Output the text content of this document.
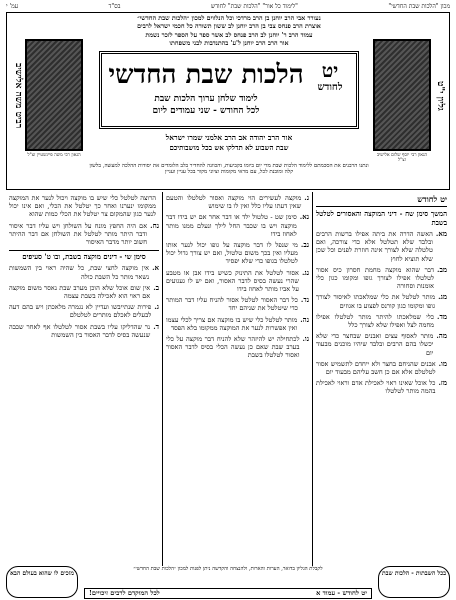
מכון "הלכות שבת החדשי"
"לימוד כל אור" "הלכות שבת" לחודש
בס"ד
עמ' י
נעורר אבי הרב יוחנן בן הרב מרדכי וכל הנלווים למכון ״הלכות שבת החדשי״
אוצרת הרב פנחס צבי בן הרב יוחנן לב ששון תשורה כל חכמי ישראל לרבים
עמוד הרב ר' יוחנן לב הרב פנחס לב אשר ספר על הספר לזכר נשמת
אור הרב הרב יוחנן ל'ע' בהתנדבות לבני משפחתו
גליון י"ט
הגאון רבי יוסף שלום אלישיב זצ"ל
רביט משה אלישיב
הגאון רבי משה פיינשטיין זצ"ל
יט
לחודש
הלכות שבת החדשי
לימוד שלחן ערוך הלכות שבת
לכל החודש - שני עמודים ליום
אור הרב יהודה אב הרב אלמני שמרו ישראל
שבת השבוע לא תדלקו אש בכל מושבותיכם
ונתנו הרבנים את הסכמתם ללימוד הלכות שבת מדי יום ביומו בקביעות, והכוונה להחדיר בלב הלומדים את יסודות ההלכה למעשה, בלשון קלה ומובנת לכל, עם מראי מקומות וציוני מקור בכל עניין ועניין
יט לחודש
המשך סימן שח - דיני המוקצה והאסורים לטלטל בשבת
מא.
האשה הדרה את ביתה אפילו ברשות הרבים ובלבד שלא תטלטל אלא כדי צורכה, ואם טלטלה שלא לצורך אינה חוזרת לפנים וכל שכן שלא תוציא לחוץ
מב.
דבר שהוא מוקצה מחמת חסרון כיס אסור לטלטלו אפילו לצורך גופו ומקומו כגון כלי אומנות וסחורה
מג.
מותר לטלטל את כלי שמלאכתו לאיסור לצורך גופו ומקומו כגון קורנס לפצוע בו אגוזים
מד.
כלי שמלאכתו להיתר מותר לטלטלו אפילו מחמה לצל ואפילו שלא לצורך כלל
מה.
מותר לאסוף עצים ואבנים שבחצר כדי שלא יכשלו בהם הרבים ובלבד שיהיו מוכנים מבעוד יום
מו.
אבנים שהניחם בחצר ולא ייחדם לתשמיש אסור לטלטלם אלא אם כן חשב עליהם מבעוד יום
מז.
כל אוכל שאינו ראוי לאכילת אדם וראוי לאכילת בהמה מותר לטלטלו
נ.
מוקצה לעשירים הוי מוקצה ואסור לטלטלו והטעם שאין דעתו עליו כלל ואין לו בו שימוש
נא.
סימן שט - טלטול ילד או דבר אחר אם יש בידו דבר מוקצה ויש בו שכבר החל לילך ונעלם ממנו מותר לאחוז בידו
נב.
מי שנפל לו דבר מוקצה על גופו יכול לנער אותו מעליו ואין בכך משום טלטול, ואם יש צורך גדול יכול לטלטלו בגופו כדי שלא יפסיד
נג.
אסור לטלטל את התינוק כשיש בידו אבן או מטבע שהרי נעשה בסיס לדבר האסור, ואם יש לו געגועים על אביו מותר לאחוז בידו
נד.
כל דבר האסור לטלטל אסור להניח עליו דבר המותר כדי שיטלטל את שניהם יחד
נה.
מותר לטלטל כלי שיש בו מוקצה אם צריך לכלי עצמו ואין אפשרות לנער את המוקצה ממקומו בלא הפסד
נו.
לכתחילה יש להיזהר שלא להניח דבר מוקצה על כלי בערב שבת שאם כן נעשה הכלי בסיס לדבר האסור ואסור לטלטלו בשבת
הרוצה לטלטל כלי שיש בו מוקצה ויכול לנער את המוקצה ממקומו ינערנו ואחר כך יטלטל את הכלי, ואם אינו יכול לנער כגון שהמקום צר יטלטל את הכלי כמות שהוא
נח.
אם היה החפץ מונח על השולחן ויש עליו דבר איסור ודבר היתר מותר לטלטל את השולחן אם דבר ההיתר חשוב יותר מדבר האיסור
סימן שי - דינים מוקצה בשבת, ובו ט' סעיפים
א.
אין מוקצה לחצי שבת, כל שהיה ראוי בין השמשות נשאר מותר כל השבת כולה
ב.
אין שום אוכל שלא הוכן מערב שבת נאסר משום מוקצה אם ראוי הוא לאכילה בשבת עצמה
ג.
פירות שנתייבשו ועדיין לא נגמרה מלאכתן ויש בהם דעה לבעלים לאכלם מותרים לטלטלם
ד.
נר שהדליקו עליו בשבת אסור לטלטלו אף לאחר שכבה שנעשה בסיס לדבר האסור בין השמשות
בכל השבתות - הלכות שבת
לקבלת הגליון בדואר, הערות והארות, ולהנצחה והקדשה ניתן לפנות למכון ״הלכות שבת החדשי״
יט לחודש - עמוד א
לכל המוקדם לרבים זיכויים!
מזכים לו שהוא בעולם הבא
